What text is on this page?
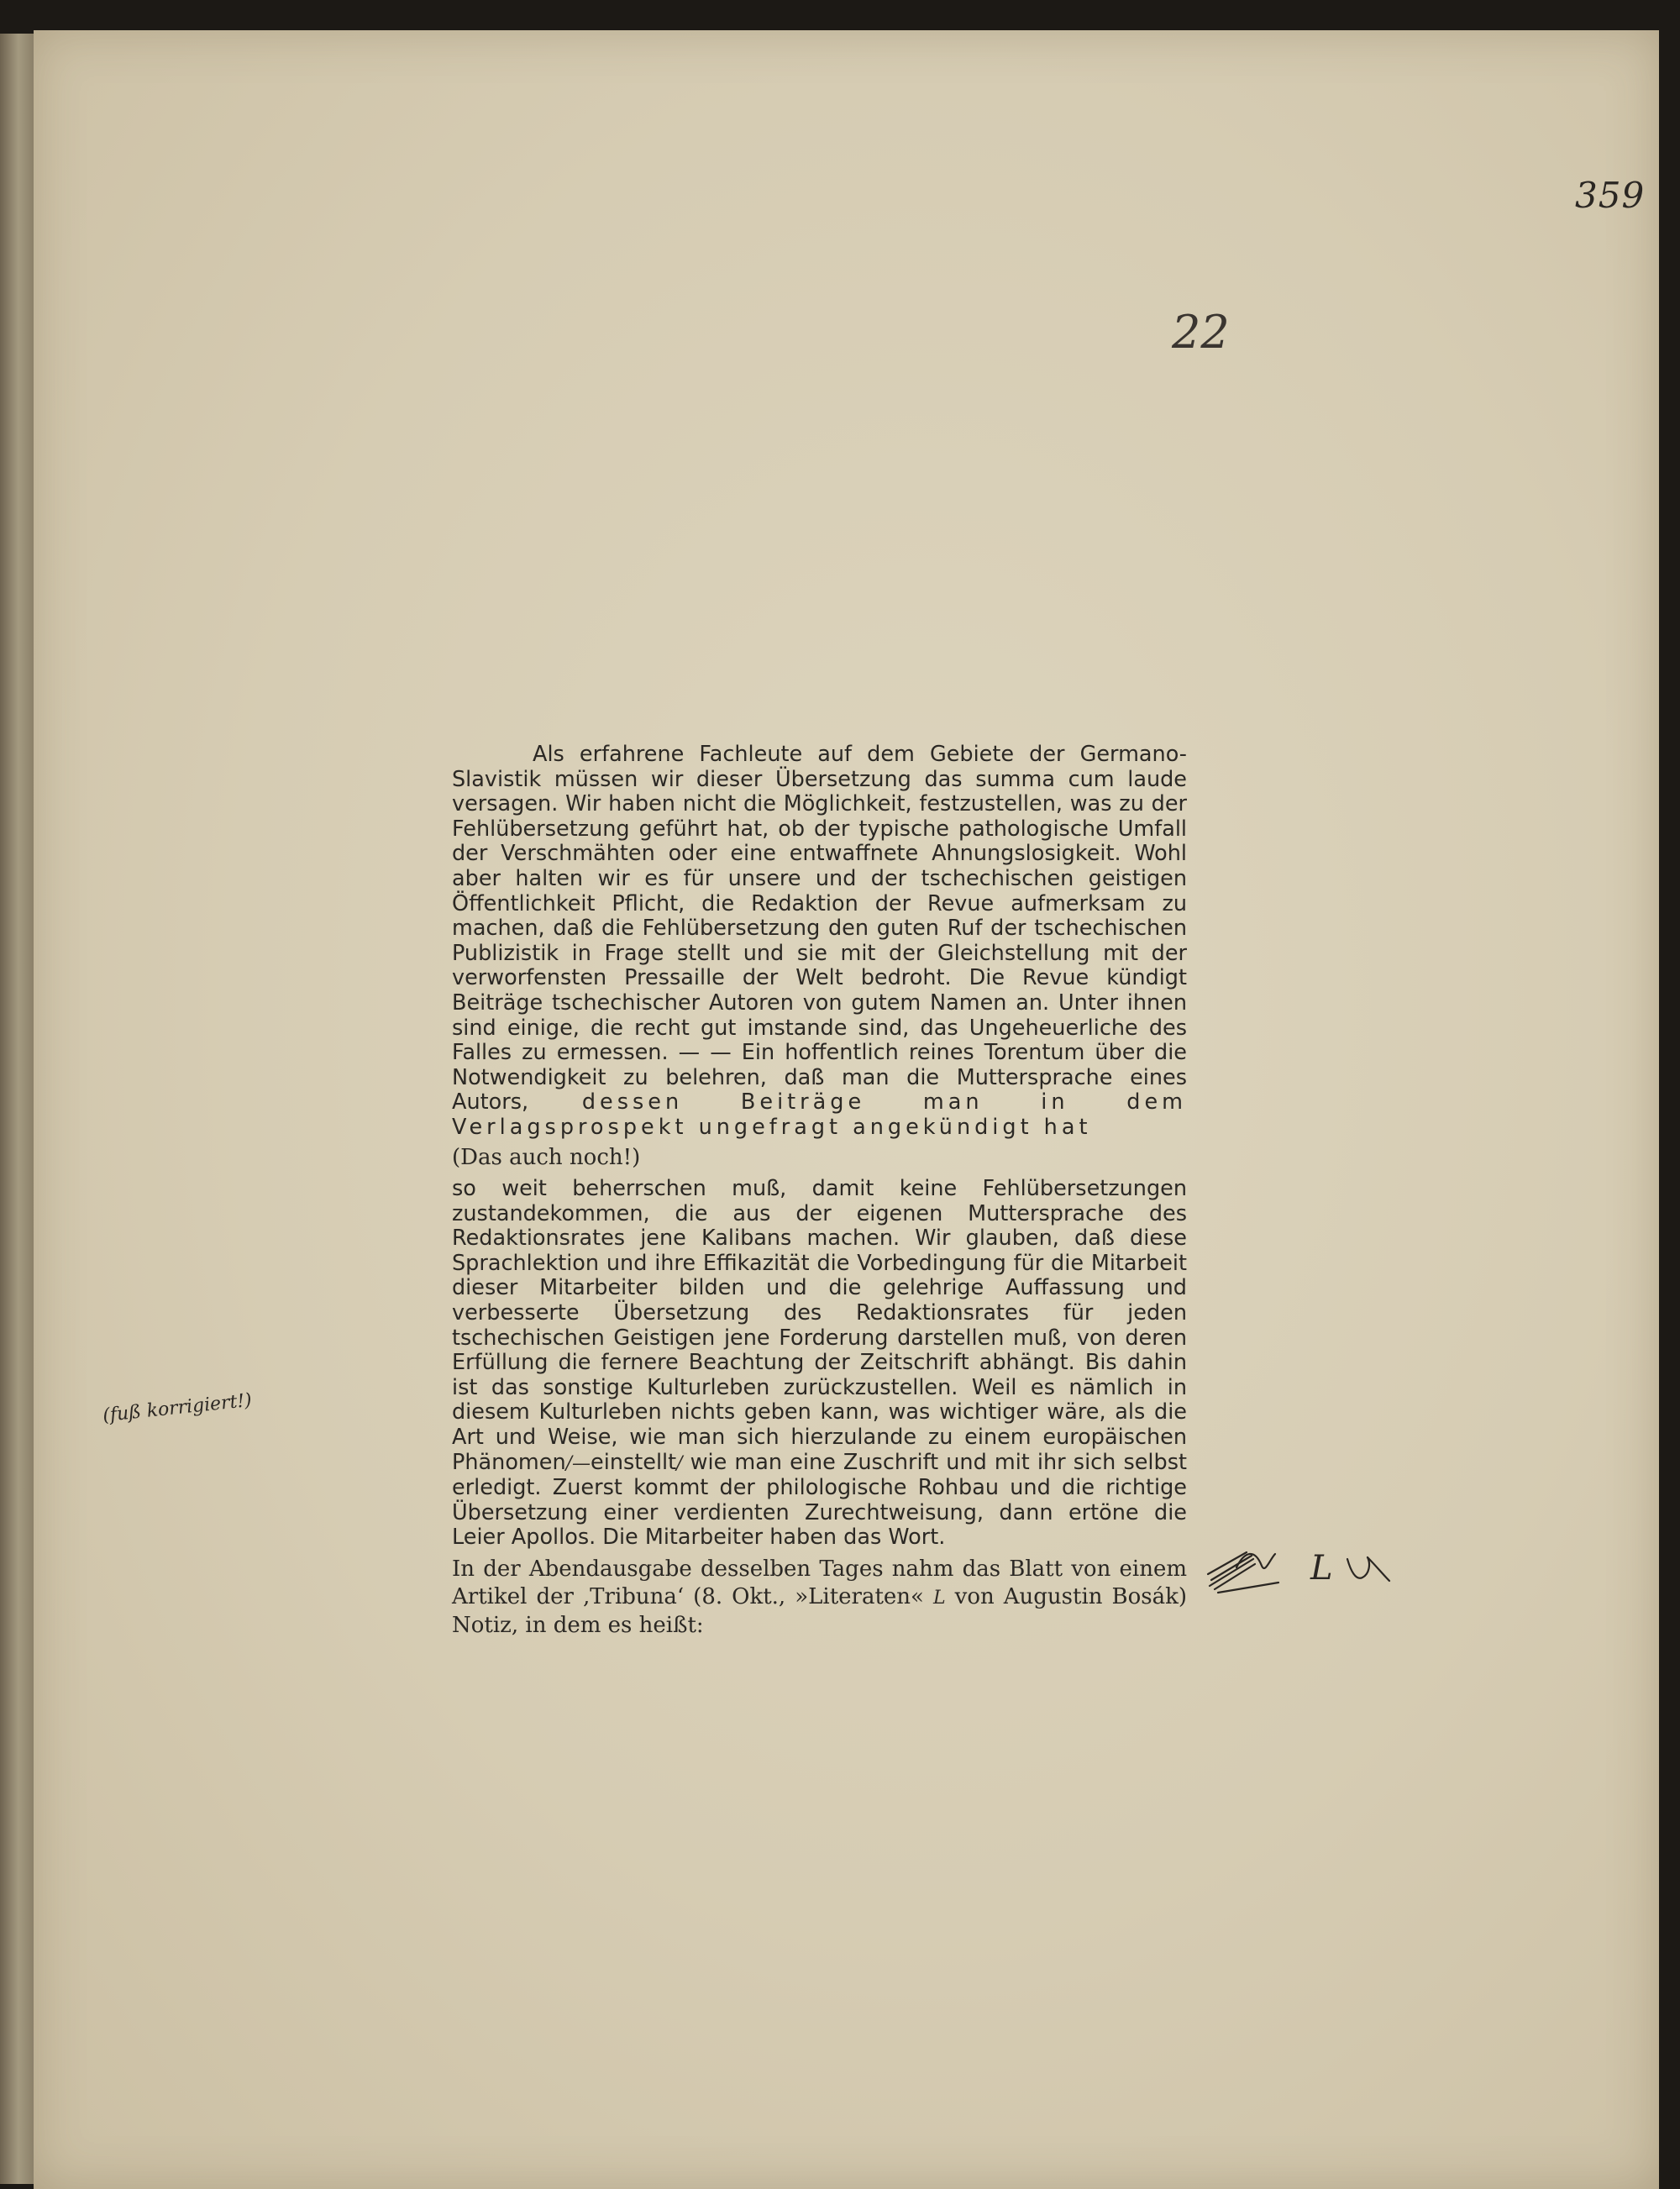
359
22
(fuß korrigiert!)

Als erfahrene Fachleute auf dem Gebiete der Germano-Slavistik müssen wir dieser Übersetzung das summa cum laude versagen. Wir haben nicht die Möglichkeit, festzustellen, was zu der Fehlübersetzung geführt hat, ob der typische pathologische Umfall der Verschmähten oder eine entwaffnete Ahnungslosigkeit. Wohl aber halten wir es für unsere und der tschechischen geistigen Öffentlichkeit Pflicht, die Redaktion der Revue aufmerksam zu machen, daß die Fehlübersetzung den guten Ruf der tschechischen Publizistik in Frage stellt und sie mit der Gleichstellung mit der verworfensten Pressaille der Welt bedroht. Die Revue kündigt Beiträge tschechischer Autoren von gutem Namen an. Unter ihnen sind einige, die recht gut imstande sind, das Ungeheuerliche des Falles zu ermessen. — — Ein hoffentlich reines Torentum über die Notwendigkeit zu belehren, daß man die Muttersprache eines Autors,	dessen Beiträge man in dem Verlagsprospekt ungefragt angekündigt hat

(Das auch noch!)

so weit beherrschen muß, damit keine Fehlübersetzungen zustandekommen, die aus der eigenen Muttersprache des Redaktionsrates jene Kalibans machen. Wir glauben, daß diese Sprachlektion und ihre Effikazität die Vorbedingung für die Mitarbeit dieser Mitarbeiter bilden und die gelehrige Auffassung und verbesserte Übersetzung des Redaktionsrates für jeden tschechischen Geistigen jene Forderung darstellen muß, von deren Erfüllung die fernere Beachtung der Zeitschrift abhängt. Bis dahin ist das sonstige Kulturleben zurückzustellen. Weil es nämlich in diesem Kulturleben nichts geben kann, was wichtiger wäre, als die Art und Weise, wie man sich hierzulande zu einem europäischen Phänomen/—einstellt/ wie man eine Zuschrift und mit ihr sich selbst erledigt. Zuerst kommt der philologische Rohbau und die richtige Übersetzung einer verdienten Zurechtweisung, dann ertöne die Leier Apollos. Die Mitarbeiter haben das Wort.

In der Abendausgabe desselben Tages nahm das Blatt von einem Artikel der ‚Tribuna‘ (8. Okt., »Literaten« L von Augustin Bosák) Notiz, in dem es heißt:

L
